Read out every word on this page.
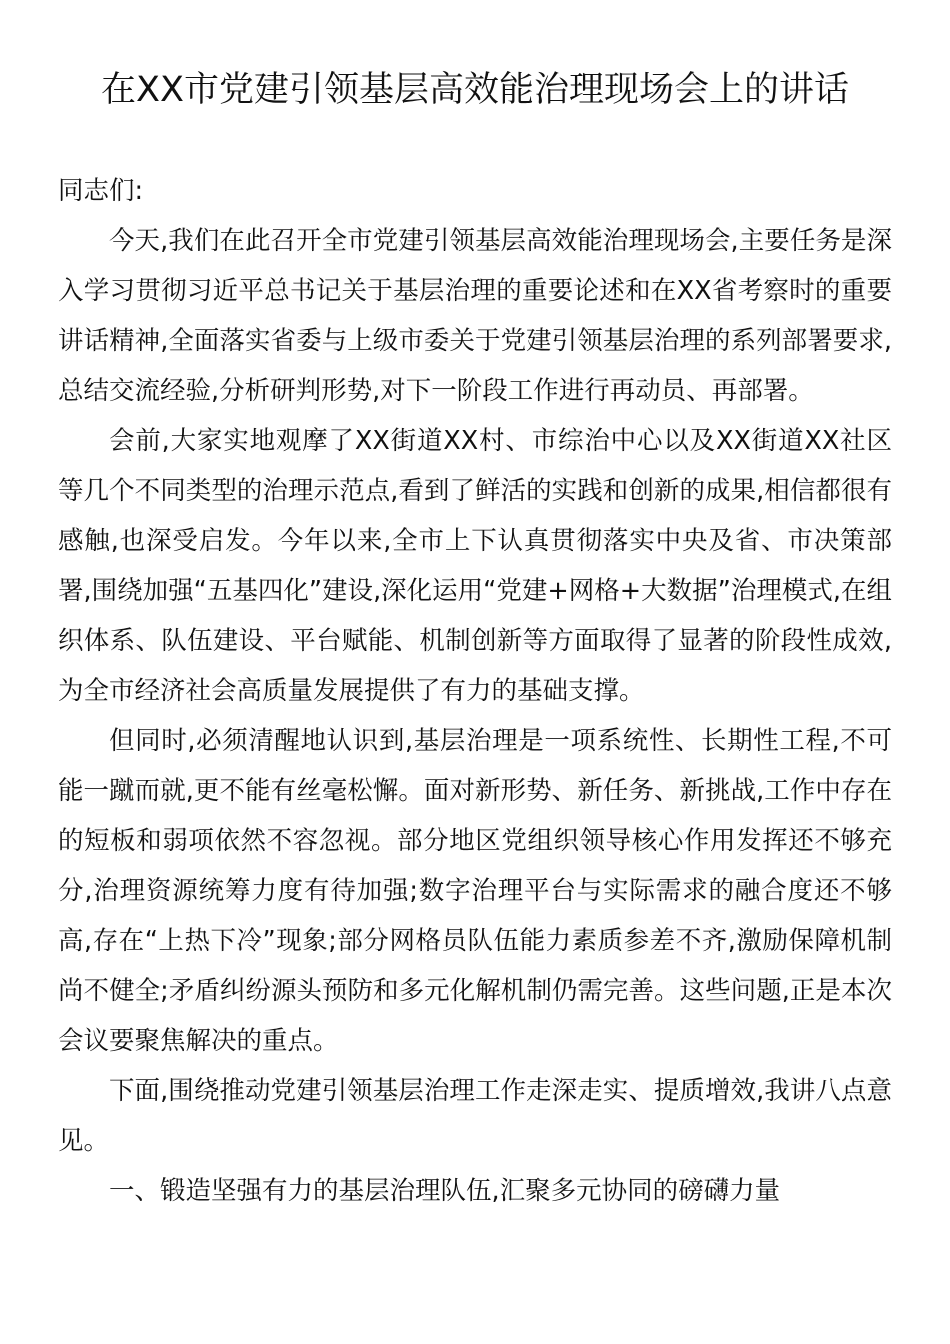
在XX市党建引领基层高效能治理现场会上的讲话

同志们:

今天,我们在此召开全市党建引领基层高效能治理现场会,主要任务是深入学习贯彻习近平总书记关于基层治理的重要论述和在XX省考察时的重要讲话精神,全面落实省委与上级市委关于党建引领基层治理的系列部署要求,总结交流经验,分析研判形势,对下一阶段工作进行再动员、再部署。

会前,大家实地观摩了XX街道XX村、市综治中心以及XX街道XX社区等几个不同类型的治理示范点,看到了鲜活的实践和创新的成果,相信都很有感触,也深受启发。今年以来,全市上下认真贯彻落实中央及省、市决策部署,围绕加强“五基四化”建设,深化运用“党建+网格+大数据”治理模式,在组织体系、队伍建设、平台赋能、机制创新等方面取得了显著的阶段性成效,为全市经济社会高质量发展提供了有力的基础支撑。

但同时,必须清醒地认识到,基层治理是一项系统性、长期性工程,不可能一蹴而就,更不能有丝毫松懈。面对新形势、新任务、新挑战,工作中存在的短板和弱项依然不容忽视。部分地区党组织领导核心作用发挥还不够充分,治理资源统筹力度有待加强;数字治理平台与实际需求的融合度还不够高,存在“上热下冷”现象;部分网格员队伍能力素质参差不齐,激励保障机制尚不健全;矛盾纠纷源头预防和多元化解机制仍需完善。这些问题,正是本次会议要聚焦解决的重点。

下面,围绕推动党建引领基层治理工作走深走实、提质增效,我讲八点意见。

一、锻造坚强有力的基层治理队伍,汇聚多元协同的磅礴力量
